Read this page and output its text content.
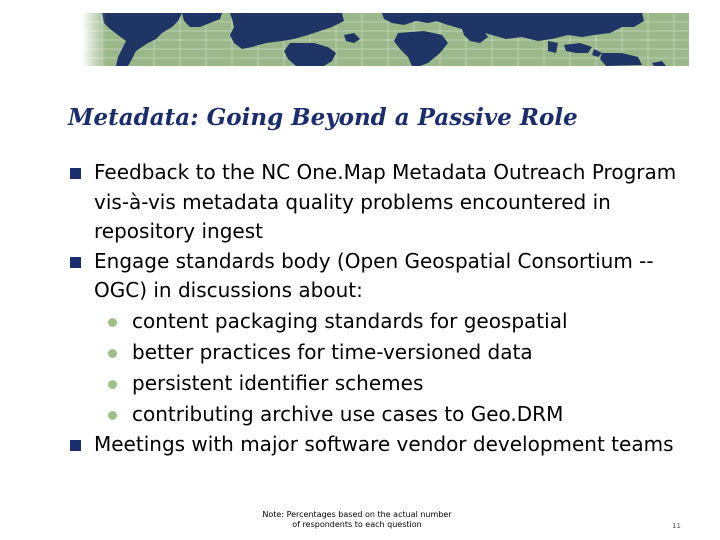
Metadata: Going Beyond a Passive Role
Feedback to the NC One.Map Metadata Outreach Program vis-à-vis metadata quality problems encountered in repository ingest
Engage standards body (Open Geospatial Consortium -- OGC) in discussions about:
content packaging standards for geospatial
better practices for time-versioned data
persistent identifier schemes
contributing archive use cases to Geo.DRM
Meetings with major software vendor development teams
Note: Percentages based on the actual number of respondents to each question	11
